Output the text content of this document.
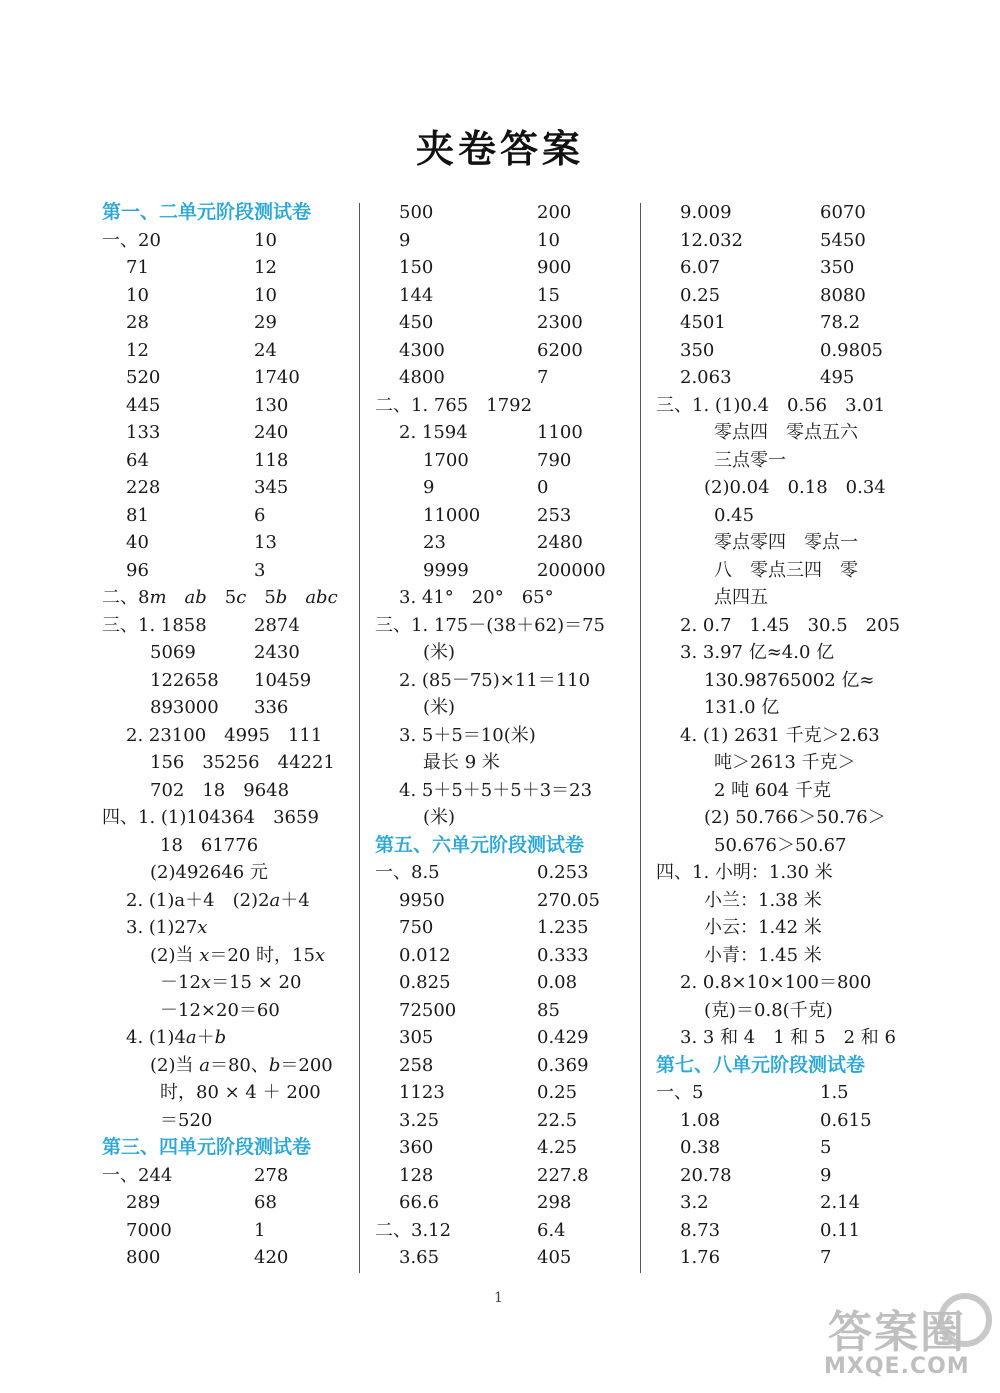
夹卷答案
第一、二单元阶段测试卷
一、20	10
71	12
10	10
28	29
12	24
520	1740
445	130
133	240
64	118
228	345
81	6
40	13
96	3
二、8m　 ab　5c　5b　 abc
三、1. 1858	2874
5069	2430
122658 10459
893000 336
2. 23100　4995　111
156　35256　44221
702　18　9648
四、1. (1)104364　3659
18　61776
(2)492646 元
2. (1)a＋4　(2)2a＋4
3. (1)27x
(2)当 x＝20 时，15x
－12x＝15 × 20
－12×20＝60
4. (1)4a＋b
(2)当 a＝80、b＝200
时，80 × 4 ＋ 200
＝520
第三、四单元阶段测试卷
一、244	278
289	68
7000	1
800	420
500	200
9	10
150	900
144	15
450	2300
4300	6200
4800	7
二、1. 765　1792
2. 1594	1100
1700	790
9	0
11000	253
23	2480
9999	200000
3. 41°　20°　65°
三、1. 175－(38＋62)＝75
(米)
2. (85－75)×11＝110
(米)
3. 5＋5＝10(米)
最长 9 米
4. 5＋5＋5＋5＋3＝23
(米)
第五、六单元阶段测试卷
一、8.5	0.253
9950	270.05
750	1.235
0.012	0.333
0.825	0.08
72500	85
305	0.429
258	0.369
1123	0.25
3.25	22.5
360	4.25
128	227.8
66.6	298
二、3.12	6.4
3.65	405
9.009	6070
12.032	5450
6.07	350
0.25	8080
4501	78.2
350	0.9805
2.063	495
三、1. (1)0.4　0.56　3.01
零点四　零点五六
三点零一
(2)0.04　0.18　0.34
0.45
零点零四　零点一
八　零点三四　零
点四五
2. 0.7　1.45　30.5　205
3. 3.97 亿≈4.0 亿
130.98765002 亿≈
131.0 亿
4. (1) 2631 千克＞2.63
吨＞2613 千克＞
2 吨 604 千克
(2) 50.766＞50.76＞
50.676＞50.67
四、1. 小明：1.30 米
小兰：1.38 米
小云：1.42 米
小青：1.45 米
2. 0.8×10×100＝800
(克)＝0.8(千克)
3. 3 和 4　1 和 5　2 和 6
第七、八单元阶段测试卷
一、5	1.5
1.08	0.615
0.38	5
20.78	9
3.2	2.14
8.73	0.11
1.76	7
1
答案圈
MXQE.COM
